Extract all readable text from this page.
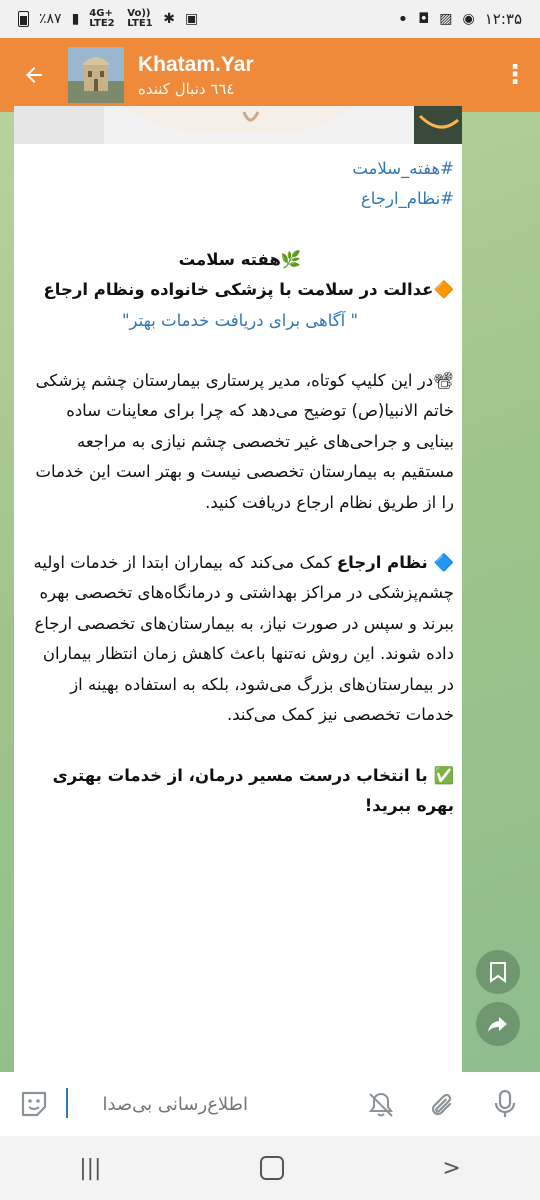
٪۸۷ ▮ 4G+ LTE2
Vo)) LTE1 ✱ ▣	• ◘ ▨ ◉ ۱۲:۳۵
Khatam.Yar
٦٦٤ دنبال کننده	⋮

#هفته_سلامت

#نظام_ارجاع

🌿هفته سلامت

🔶عدالت در سلامت با پزشکی خانواده ونظام ارجاع

" آگاهی برای دریافت خدمات بهتر"

📽در این کلیپ کوتاه، مدیر پرستاری بیمارستان چشم پزشکی خاتم الانبیا(ص) توضیح می‌دهد که چرا برای معاینات ساده بینایی و جراحی‌های غیر تخصصی چشم نیازی به مراجعه مستقیم به بیمارستان تخصصی نیست و بهتر است این خدمات را از طریق نظام ارجاع دریافت کنید.

🔷 نظام ارجاع کمک می‌کند که بیماران ابتدا از خدمات اولیه چشم‌پزشکی در مراکز بهداشتی و درمانگاه‌های تخصصی بهره ببرند و سپس در صورت نیاز، به بیمارستان‌های تخصصی ارجاع داده شوند. این روش نه‌تنها باعث کاهش زمان انتظار بیماران در بیمارستان‌های بزرگ می‌شود، بلکه به استفاده بهینه از خدمات تخصصی نیز کمک می‌کند.

✅ با انتخاب درست مسیر درمان، از خدمات بهتری بهره ببرید!

اطلاع‌رسانی بی‌صدا
|||	>
